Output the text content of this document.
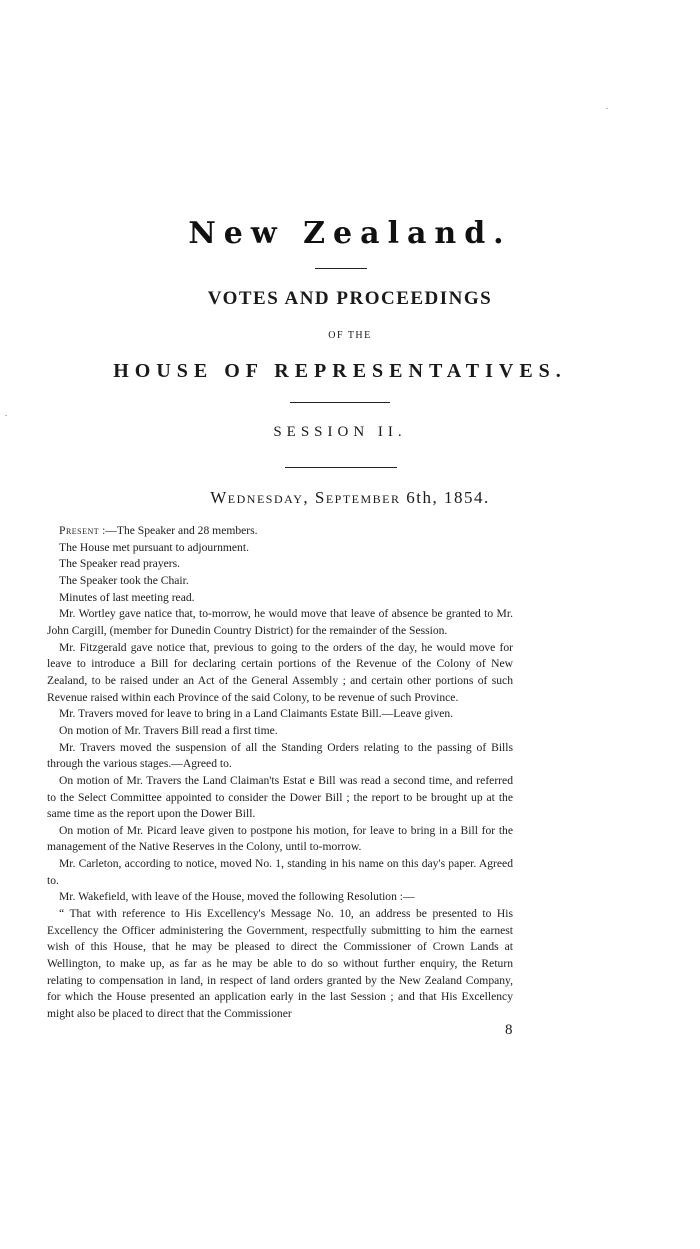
New Zealand.
VOTES AND PROCEEDINGS
OF THE
HOUSE OF REPRESENTATIVES.
SESSION II.
Wednesday, September 6th, 1854.

Present :—The Speaker and 28 members.

The House met pursuant to adjournment.

The Speaker read prayers.

The Speaker took the Chair.

Minutes of last meeting read.

Mr. Wortley gave natice that, to-morrow, he would move that leave of absence be granted to Mr. John Cargill, (member for Dunedin Country District) for the remainder of the Session.

Mr. Fitzgerald gave notice that, previous to going to the orders of the day, he would move for leave to introduce a Bill for declaring certain portions of the Revenue of the Colony of New Zealand, to be raised under an Act of the General Assembly ; and certain other portions of such Revenue raised within each Province of the said Colony, to be revenue of such Province.

Mr. Travers moved for leave to bring in a Land Claimants Estate Bill.—Leave given.

On motion of Mr. Travers Bill read a first time.

Mr. Travers moved the suspension of all the Standing Orders relating to the passing of Bills through the various stages.—Agreed to.

On motion of Mr. Travers the Land Claiman'ts Estat e Bill was read a second time, and referred to the Select Committee appointed to consider the Dower Bill ; the report to be brought up at the same time as the report upon the Dower Bill.

On motion of Mr. Picard leave given to postpone his motion, for leave to bring in a Bill for the management of the Native Reserves in the Colony, until to-morrow.

Mr. Carleton, according to notice, moved No. 1, standing in his name on this day's paper. Agreed to.

Mr. Wakefield, with leave of the House, moved the following Resolution :—

“ That with reference to His Excellency's Message No. 10, an address be presented to His Excellency the Officer administering the Government, respectfully submitting to him the earnest wish of this House, that he may be pleased to direct the Commissioner of Crown Lands at Wellington, to make up, as far as he may be able to do so without further enquiry, the Return relating to compensation in land, in respect of land orders granted by the New Zealand Company, for which the House presented an application early in the last Session ; and that His Excellency might also be placed to direct that the Commissioner

8
